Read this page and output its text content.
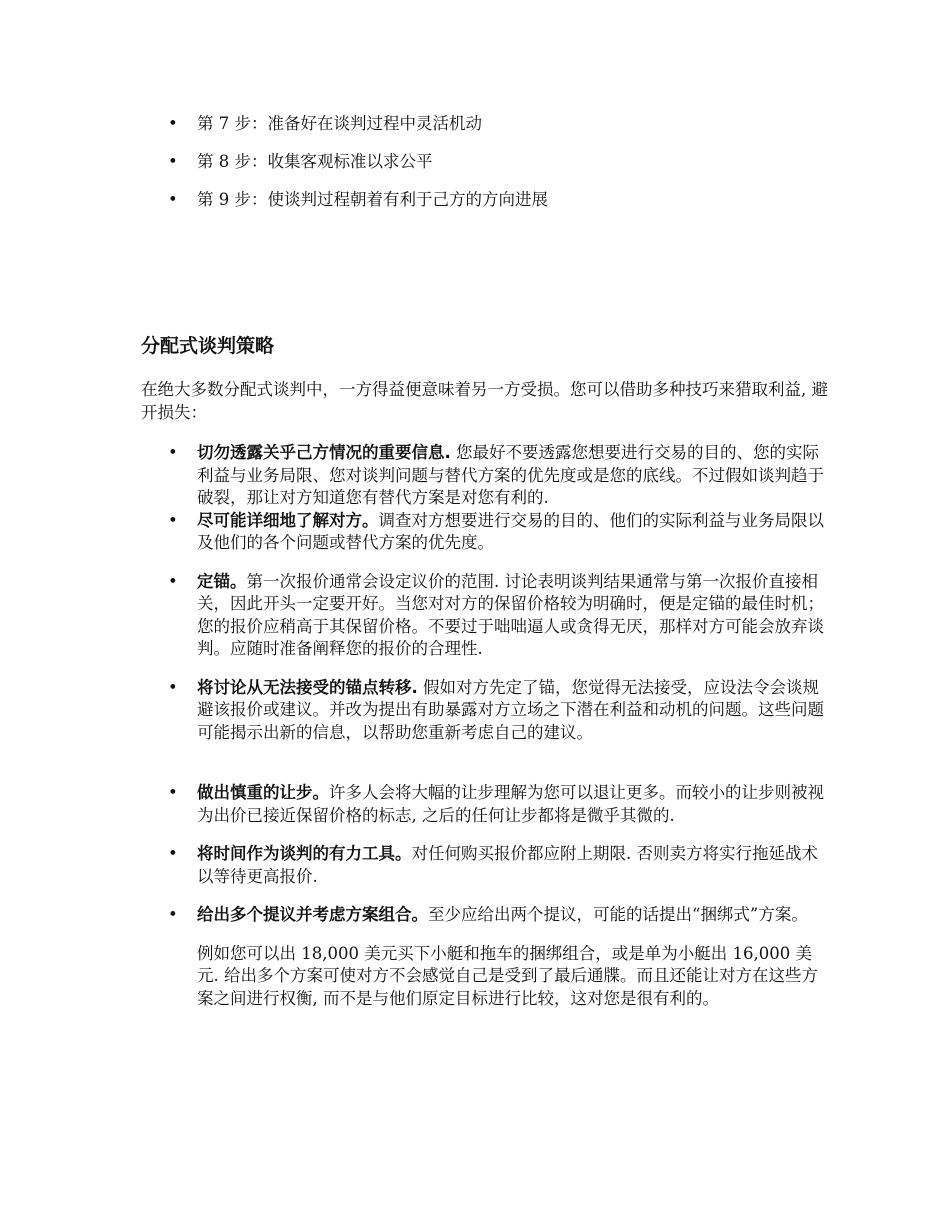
• 第 7 步：准备好在谈判过程中灵活机动
• 第 8 步：收集客观标准以求公平
• 第 9 步：使谈判过程朝着有利于己方的方向进展
分配式谈判策略

在绝大多数分配式谈判中，一方得益便意味着另一方受损。您可以借助多种技巧来猎取利益, 避开损失：

• 切勿透露关乎己方情况的重要信息. 您最好不要透露您想要进行交易的目的、您的实际利益与业务局限、您对谈判问题与替代方案的优先度或是您的底线。不过假如谈判趋于破裂，那让对方知道您有替代方案是对您有利的.
• 尽可能详细地了解对方。调查对方想要进行交易的目的、他们的实际利益与业务局限以及他们的各个问题或替代方案的优先度。
• 定锚。第一次报价通常会设定议价的范围. 讨论表明谈判结果通常与第一次报价直接相关，因此开头一定要开好。当您对对方的保留价格较为明确时，便是定锚的最佳时机；您的报价应稍高于其保留价格。不要过于咄咄逼人或贪得无厌，那样对方可能会放弃谈判。应随时准备阐释您的报价的合理性.
• 将讨论从无法接受的锚点转移. 假如对方先定了锚，您觉得无法接受，应设法令会谈规避该报价或建议。并改为提出有助暴露对方立场之下潜在利益和动机的问题。这些问题可能揭示出新的信息，以帮助您重新考虑自己的建议。
• 做出慎重的让步。许多人会将大幅的让步理解为您可以退让更多。而较小的让步则被视为出价已接近保留价格的标志, 之后的任何让步都将是微乎其微的.
• 将时间作为谈判的有力工具。对任何购买报价都应附上期限. 否则卖方将实行拖延战术以等待更高报价.
• 给出多个提议并考虑方案组合。至少应给出两个提议，可能的话提出“捆绑式”方案。
例如您可以出 18,000 美元买下小艇和拖车的捆绑组合，或是单为小艇出 16,000 美元. 给出多个方案可使对方不会感觉自己是受到了最后通牒。而且还能让对方在这些方案之间进行权衡, 而不是与他们原定目标进行比较，这对您是很有利的。
